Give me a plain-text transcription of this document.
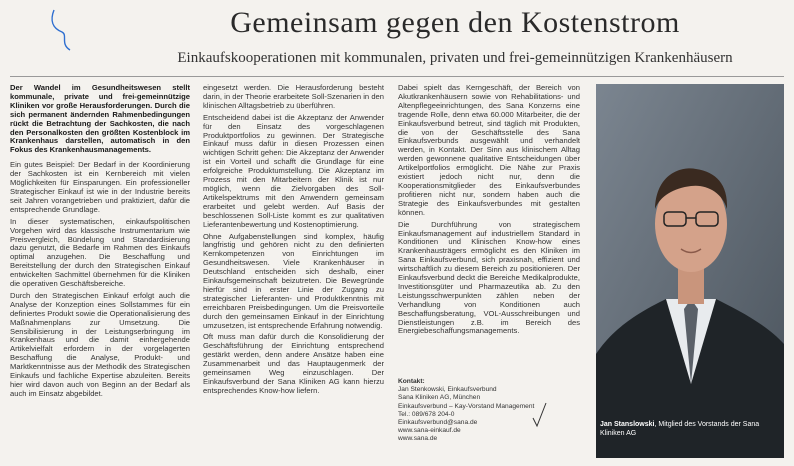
Gemeinsam gegen den Kostenstrom
Einkaufskooperationen mit kommunalen, privaten und frei-gemeinnützigen Krankenhäusern

Der Wandel im Gesundheitswesen stellt kommunale, private und frei-gemeinnützige Kliniken vor große Herausforderungen. Durch die sich permanent ändernden Rahmenbedingungen rückt die Betrachtung der Sachkosten, die nach den Personalkosten den größten Kostenblock im Krankenhaus darstellen, automatisch in den Fokus des Krankenhausmanagements.

Ein gutes Beispiel: Der Bedarf in der Koordinierung der Sachkosten ist ein Kernbereich mit vielen Möglichkeiten für Einsparungen. Ein professioneller Strategischer Einkauf ist wie in der Industrie bereits seit Jahren vorangetrieben und praktiziert, dafür die entsprechende Grundlage.

In dieser systematischen, einkaufspolitischen Vorgehen wird das klassische Instrumentarium wie Preisvergleich, Bündelung und Standardisierung dazu genutzt, die Bedarfe im Rahmen des Einkaufs optimal anzugehen. Die Beschaffung und Bereitstellung der durch den Strategischen Einkauf entwickelten Sachmittel übernehmen für die Kliniken die operativen Geschäftsbereiche.

Durch den Strategischen Einkauf erfolgt auch die Analyse der Konzeption eines Sollstammes für ein definiertes Produkt sowie die Operationalisierung des Maßnahmenplans zur Umsetzung. Die Sensibilisierung in der Leistungserbringung im Krankenhaus und die damit einhergehende Artikelvielfalt erfordern in der vorgelagerten Beschaffung die Analyse, Produkt- und Marktkenntnisse aus der Methodik des Strategischen Einkaufs und fachliche Expertise abzuleiten. Bereits hier wird davon auch von Beginn an der Bedarf als auch im Einsatz abgebildet.

eingesetzt werden. Die Herausforderung besteht darin, in der Theorie erarbeitete Soll-Szenarien in den klinischen Alltagsbetrieb zu überführen.

Entscheidend dabei ist die Akzeptanz der Anwender für den Einsatz des vorgeschlagenen Produktportfolios zu gewinnen. Der Strategische Einkauf muss dafür in diesen Prozessen einen wichtigen Schritt gehen: Die Akzeptanz der Anwender ist ein Vorteil und schafft die Grundlage für eine erfolgreiche Produktumstellung. Die Akzeptanz im Prozess mit den Mitarbeitern der Klinik ist nur möglich, wenn die Zielvorgaben des Soll-Artikelspektrums mit den Anwendern gemeinsam erarbeitet und gelebt werden. Auf Basis der beschlossenen Soll-Liste kommt es zur qualitativen Lieferantenbewertung und Kostenoptimierung.

Ohne Aufgabenstellungen sind komplex, häufig langfristig und gehören nicht zu den definierten Kernkompetenzen von Einrichtungen im Gesundheitswesen. Viele Krankenhäuser in Deutschland entscheiden sich deshalb, einer Einkaufsgemeinschaft beizutreten. Die Bewegründe hierfür sind in erster Linie der Zugang zu strategischer Lieferanten- und Produktkenntnis mit erreichbaren Preisbedingungen. Um die Preisvorteile durch den gemeinsamen Einkauf in der Einrichtung umzusetzen, ist entsprechende Erfahrung notwendig.

Oft muss man dafür durch die Konsolidierung der Geschäftsführung der Einrichtung entsprechend gestärkt werden, denn andere Ansätze haben eine Zusammenarbeit und das Hauptaugenmerk der gemeinsamen Weg einzuschlagen. Der Einkaufsverbund der Sana Kliniken AG kann hierzu entsprechendes Know-how liefern.

Dabei spielt das Kerngeschäft, der Bereich von Akutkrankenhäusern sowie von Rehabilitations- und Altenpflegeeinrichtungen, des Sana Konzerns eine tragende Rolle, denn etwa 60.000 Mitarbeiter, die der Einkaufsverbund betreut, sind täglich mit Produkten, die von der Geschäftsstelle des Sana Einkaufsverbunds ausgewählt und verhandelt werden, in Kontakt. Der Sinn aus klinischem Alltag werden gewonnene qualitative Entscheidungen über Artikelportfolios ermöglicht. Die Nähe zur Praxis existiert jedoch nicht nur, denn die Kooperationsmitglieder des Einkaufsverbundes profitieren nicht nur, sondern haben auch die Strategie des Einkaufsverbundes mit gestalten können.

Die Durchführung von strategischem Einkaufsmanagement auf industriellem Standard in Konditionen und Klinischen Know-how eines Krankenhausträgers ermöglicht es den Kliniken im Sana Einkaufsverbund, sich praxisnah, effizient und wirtschaftlich zu diesem Bereich zu positionieren. Der Einkaufsverbund deckt die Bereiche Medikalprodukte, Investitionsgüter und Pharmazeutika ab. Zu den Leistungsschwerpunkten zählen neben der Verhandlung von Konditionen auch Beschaffungsberatung, VOL-Ausschreibungen und Dienstleistungen z.B. im Bereich des Energiebeschaffungsmanagements.

Kontakt:
Jan Stenkowski, Einkaufsverbund
Sana Kliniken AG, München
Einkaufsverbund – Kay-Vorstand Management
Tel.: 089/678 204-0
Einkaufsverbund@sana.de
www.sana-einkauf.de
www.sana.de
Jan Stanslowski, Mitglied des Vorstands der Sana Kliniken AG
